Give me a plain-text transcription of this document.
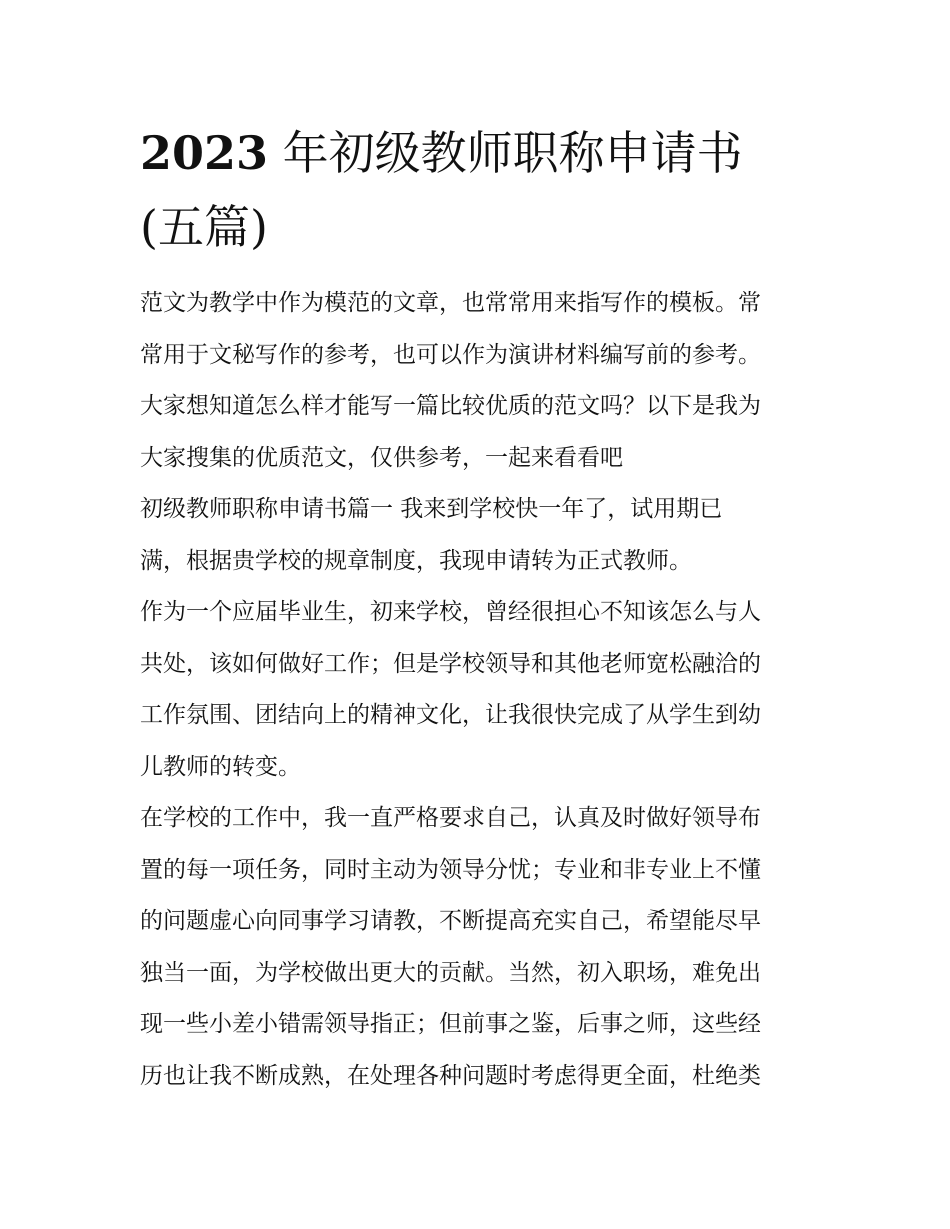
2023 年初级教师职称申请书
(五篇)
范文为教学中作为模范的文章，也常常用来指写作的模板。常
常用于文秘写作的参考，也可以作为演讲材料编写前的参考。
大家想知道怎么样才能写一篇比较优质的范文吗？以下是我为
大家搜集的优质范文，仅供参考，一起来看看吧
初级教师职称申请书篇一 我来到学校快一年了，试用期已
满，根据贵学校的规章制度，我现申请转为正式教师。
作为一个应届毕业生，初来学校，曾经很担心不知该怎么与人
共处，该如何做好工作；但是学校领导和其他老师宽松融洽的
工作氛围、团结向上的精神文化，让我很快完成了从学生到幼
儿教师的转变。
在学校的工作中，我一直严格要求自己，认真及时做好领导布
置的每一项任务，同时主动为领导分忧；专业和非专业上不懂
的问题虚心向同事学习请教，不断提高充实自己，希望能尽早
独当一面，为学校做出更大的贡献。当然，初入职场，难免出
现一些小差小错需领导指正；但前事之鉴，后事之师，这些经
历也让我不断成熟，在处理各种问题时考虑得更全面，杜绝类
